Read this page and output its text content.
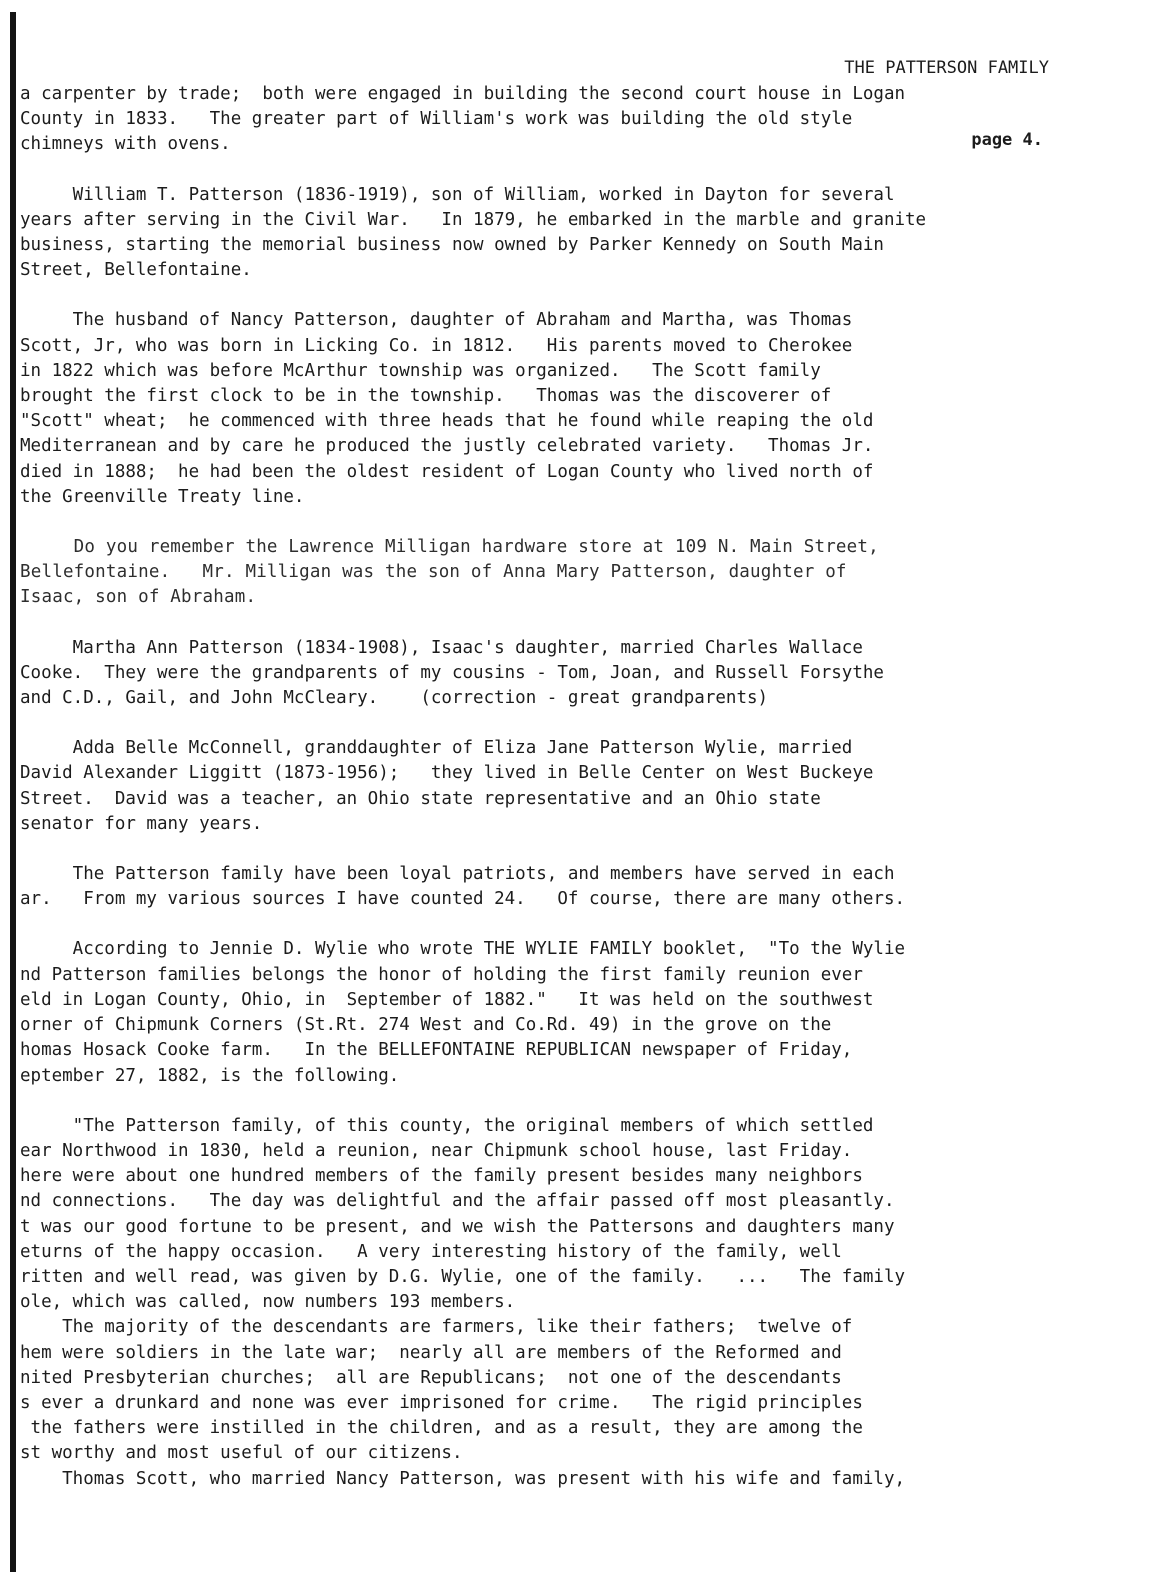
THE PATTERSON FAMILY

page 4.

a carpenter by trade;  both were engaged in building the second court house in Logan
County in 1833.   The greater part of William's work was building the old style
chimneys with ovens.
William T. Patterson (1836-1919), son of William, worked in Dayton for several
years after serving in the Civil War.   In 1879, he embarked in the marble and granite
business, starting the memorial business now owned by Parker Kennedy on South Main
Street, Bellefontaine.
The husband of Nancy Patterson, daughter of Abraham and Martha, was Thomas
Scott, Jr, who was born in Licking Co. in 1812.   His parents moved to Cherokee
in 1822 which was before McArthur township was organized.   The Scott family
brought the first clock to be in the township.   Thomas was the discoverer of
"Scott" wheat;  he commenced with three heads that he found while reaping the old
Mediterranean and by care he produced the justly celebrated variety.   Thomas Jr.
died in 1888;  he had been the oldest resident of Logan County who lived north of
the Greenville Treaty line.
Do you remember the Lawrence Milligan hardware store at 109 N. Main Street,
Bellefontaine.   Mr. Milligan was the son of Anna Mary Patterson, daughter of
Isaac, son of Abraham.
Martha Ann Patterson (1834-1908), Isaac's daughter, married Charles Wallace
Cooke.  They were the grandparents of my cousins - Tom, Joan, and Russell Forsythe
and C.D., Gail, and John McCleary.    (correction - great grandparents)
Adda Belle McConnell, granddaughter of Eliza Jane Patterson Wylie, married
David Alexander Liggitt (1873-1956);   they lived in Belle Center on West Buckeye
Street.  David was a teacher, an Ohio state representative and an Ohio state
senator for many years.
The Patterson family have been loyal patriots, and members have served in each
ar.   From my various sources I have counted 24.   Of course, there are many others.
According to Jennie D. Wylie who wrote THE WYLIE FAMILY booklet,  "To the Wylie
nd Patterson families belongs the honor of holding the first family reunion ever
eld in Logan County, Ohio, in  September of 1882."   It was held on the southwest
orner of Chipmunk Corners (St.Rt. 274 West and Co.Rd. 49) in the grove on the
homas Hosack Cooke farm.   In the BELLEFONTAINE REPUBLICAN newspaper of Friday,
eptember 27, 1882, is the following.
"The Patterson family, of this county, the original members of which settled
ear Northwood in 1830, held a reunion, near Chipmunk school house, last Friday.
here were about one hundred members of the family present besides many neighbors
nd connections.   The day was delightful and the affair passed off most pleasantly.
t was our good fortune to be present, and we wish the Pattersons and daughters many
eturns of the happy occasion.   A very interesting history of the family, well
ritten and well read, was given by D.G. Wylie, one of the family.   ...   The family
ole, which was called, now numbers 193 members.
The majority of the descendants are farmers, like their fathers;  twelve of
hem were soldiers in the late war;  nearly all are members of the Reformed and
nited Presbyterian churches;  all are Republicans;  not one of the descendants
s ever a drunkard and none was ever imprisoned for crime.   The rigid principles
the fathers were instilled in the children, and as a result, they are among the
st worthy and most useful of our citizens.
Thomas Scott, who married Nancy Patterson, was present with his wife and family,
